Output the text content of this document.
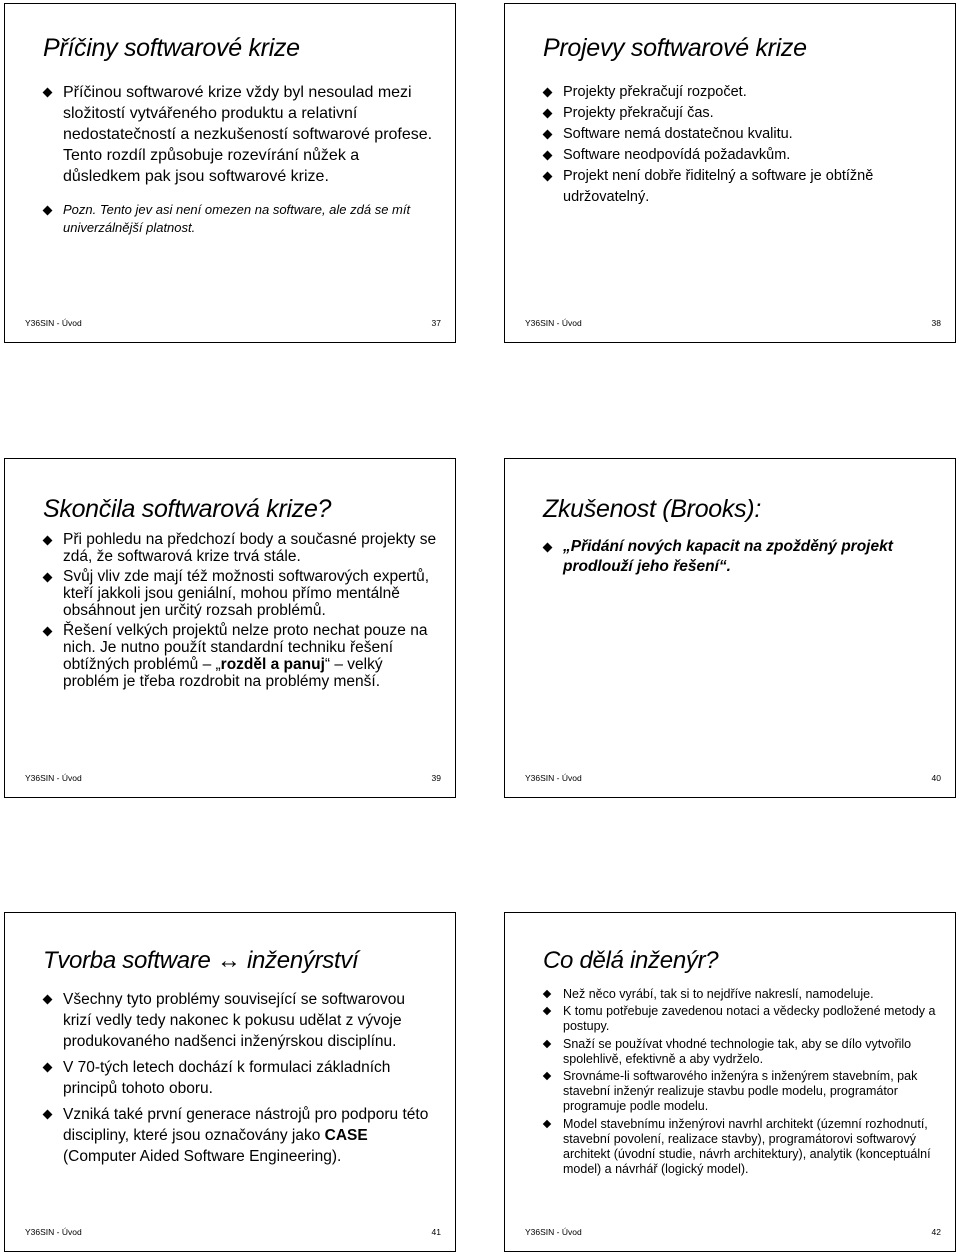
Příčiny softwarové krize
Příčinou softwarové krize vždy byl nesoulad mezi složitostí vytvářeného produktu a relativní nedostatečností a nezkušeností softwarové profese. Tento rozdíl způsobuje rozevírání nůžek a důsledkem pak jsou softwarové krize.
Pozn. Tento jev asi není omezen na software, ale zdá se mít univerzálnější platnost.
Y36SIN - Úvod	37
Projevy softwarové krize
Projekty překračují rozpočet.
Projekty překračují čas.
Software nemá dostatečnou kvalitu.
Software neodpovídá požadavkům.
Projekt není dobře řiditelný a software je obtížně udržovatelný.
Y36SIN - Úvod	38
Skončila softwarová krize?
Při pohledu na předchozí body a současné projekty se zdá, že softwarová krize trvá stále.
Svůj vliv zde mají též možnosti softwarových expertů, kteří jakkoli jsou geniální, mohou přímo mentálně obsáhnout jen určitý rozsah problémů.
Řešení velkých projektů nelze proto nechat pouze na nich. Je nutno použít standardní techniku řešení obtížných problémů – „rozděl a panuj“ – velký problém je třeba rozdrobit na problémy menší.
Y36SIN - Úvod	39
Zkušenost (Brooks):
„Přidání nových kapacit na zpožděný projekt prodlouží jeho řešení“.
Y36SIN - Úvod	40
Tvorba software ↔ inženýrství
Všechny tyto problémy související se softwarovou krizí vedly tedy nakonec k pokusu udělat z vývoje produkovaného nadšenci inženýrskou disciplínu.
V 70-tých letech dochází k formulaci základních principů tohoto oboru.
Vzniká také první generace nástrojů pro podporu této discipliny, které jsou označovány jako CASE (Computer Aided Software Engineering).
Y36SIN - Úvod	41
Co dělá inženýr?
Než něco vyrábí, tak si to nejdříve nakreslí, namodeluje.
K tomu potřebuje zavedenou notaci a vědecky podložené metody a postupy.
Snaží se používat vhodné technologie tak, aby se dílo vytvořilo spolehlivě, efektivně a aby vydrželo.
Srovnáme-li softwarového inženýra s inženýrem stavebním, pak stavební inženýr realizuje stavbu podle modelu, programátor programuje podle modelu.
Model stavebnímu inženýrovi navrhl architekt (územní rozhodnutí, stavební povolení, realizace stavby), programátorovi softwarový architekt (úvodní studie, návrh architektury), analytik (konceptuální model) a návrhář (logický model).
Y36SIN - Úvod	42
